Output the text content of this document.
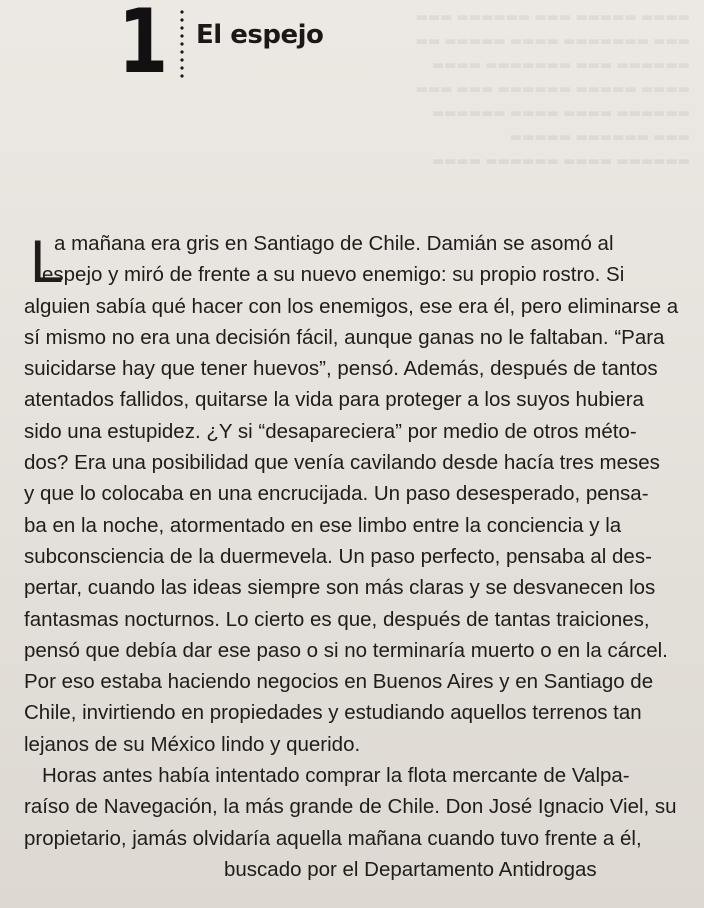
▬▬▬▬ ▬▬▬▬▬ ▬▬▬ ▬▬▬▬▬▬ ▬▬▬
▬▬▬ ▬▬▬▬▬▬▬ ▬▬▬▬ ▬▬▬▬▬ ▬▬
▬▬▬▬▬▬ ▬▬▬ ▬▬▬▬▬▬▬ ▬▬▬▬
▬▬▬▬ ▬▬▬▬▬ ▬▬▬▬▬▬ ▬▬▬ ▬▬▬
▬▬▬▬▬▬ ▬▬▬▬ ▬▬▬▬ ▬▬▬▬▬▬
▬▬▬ ▬▬▬▬▬▬ ▬▬▬▬▬
▬▬▬▬▬▬ ▬▬▬▬ ▬▬▬▬▬▬ ▬▬▬▬
1 El espejo
L
a mañana era gris en Santiago de Chile. Damián se asomó al
espejo y miró de frente a su nuevo enemigo: su propio rostro. Si
alguien sabía qué hacer con los enemigos, ese era él, pero eliminarse a
sí mismo no era una decisión fácil, aunque ganas no le faltaban. “Para
suicidarse hay que tener huevos”, pensó. Además, después de tantos
atentados fallidos, quitarse la vida para proteger a los suyos hubiera
sido una estupidez. ¿Y si “desapareciera” por medio de otros méto-
dos? Era una posibilidad que venía cavilando desde hacía tres meses
y que lo colocaba en una encrucijada. Un paso desesperado, pensa-
ba en la noche, atormentado en ese limbo entre la conciencia y la
subconsciencia de la duermevela. Un paso perfecto, pensaba al des-
pertar, cuando las ideas siempre son más claras y se desvanecen los
fantasmas nocturnos. Lo cierto es que, después de tantas traiciones,
pensó que debía dar ese paso o si no terminaría muerto o en la cárcel.
Por eso estaba haciendo negocios en Buenos Aires y en Santiago de
Chile, invirtiendo en propiedades y estudiando aquellos terrenos tan
lejanos de su México lindo y querido.
Horas antes había intentado comprar la flota mercante de Valpa-
raíso de Navegación, la más grande de Chile. Don José Ignacio Viel, su
propietario, jamás olvidaría aquella mañana cuando tuvo frente a él,
buscado por el Departamento Antidrogas
